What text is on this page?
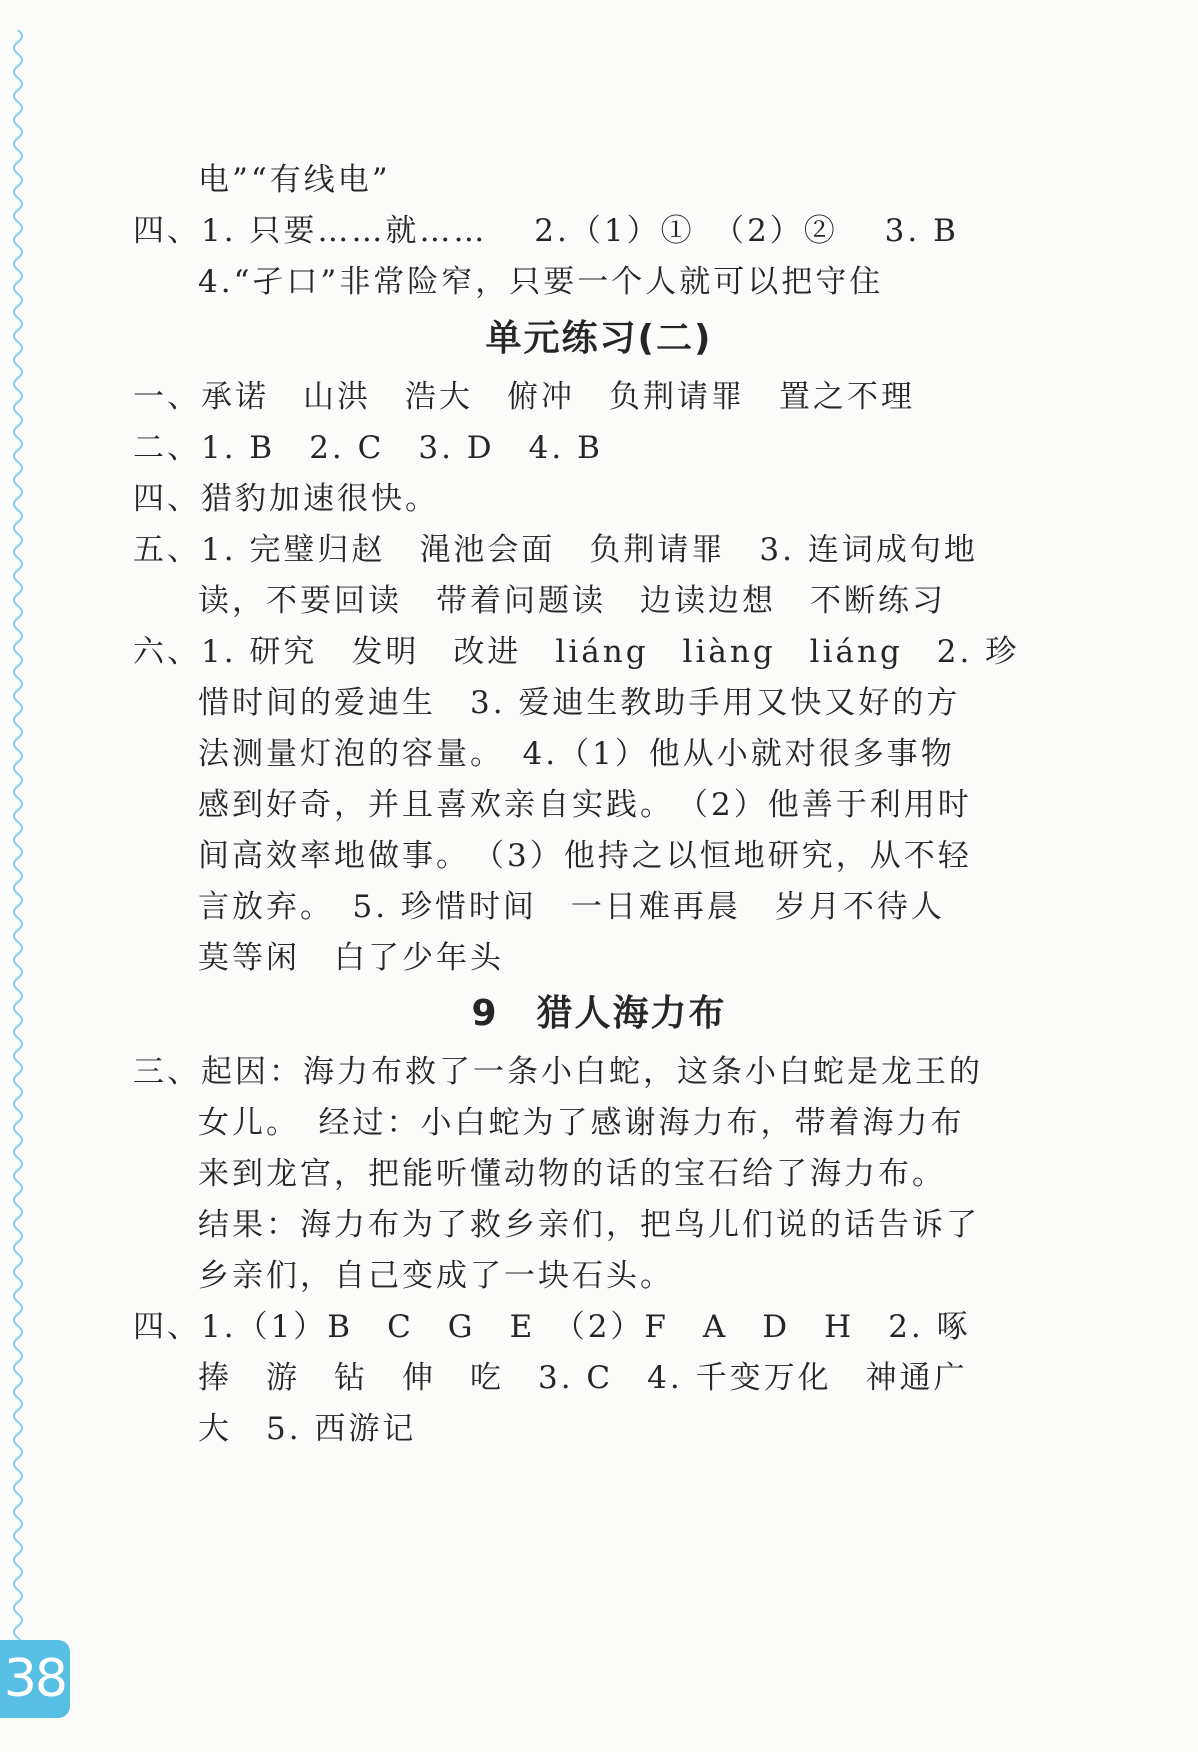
电”“有线电”
四、1. 只要……就……　 2.（1）①　（2）②　 3. B
4.“孑口”非常险窄，只要一个人就可以把守住
单元练习(二)
一、承诺　山洪　浩大　俯冲　负荆请罪　置之不理
二、1. B　2. C　3. D　4. B
四、猎豹加速很快。
五、1. 完璧归赵　渑池会面　负荆请罪　3. 连词成句地
读，不要回读　带着问题读　边读边想　不断练习
六、1. 研究　发明　改进　liáng　liàng　liáng　2. 珍
惜时间的爱迪生　3. 爱迪生教助手用又快又好的方
法测量灯泡的容量。　4.（1）他从小就对很多事物
感到好奇，并且喜欢亲自实践。　（2）他善于利用时
间高效率地做事。　（3）他持之以恒地研究，从不轻
言放弃。　5. 珍惜时间　一日难再晨　岁月不待人
莫等闲　白了少年头
9　猎人海力布
三、起因：海力布救了一条小白蛇，这条小白蛇是龙王的
女儿。　经过：小白蛇为了感谢海力布，带着海力布
来到龙宫，把能听懂动物的话的宝石给了海力布。
结果：海力布为了救乡亲们，把鸟儿们说的话告诉了
乡亲们，自己变成了一块石头。
四、1.（1）B　C　G　E　（2）F　A　D　H　2. 啄
捧　游　钻　伸　吃　3. C　4. 千变万化　神通广
大　5. 西游记
38
